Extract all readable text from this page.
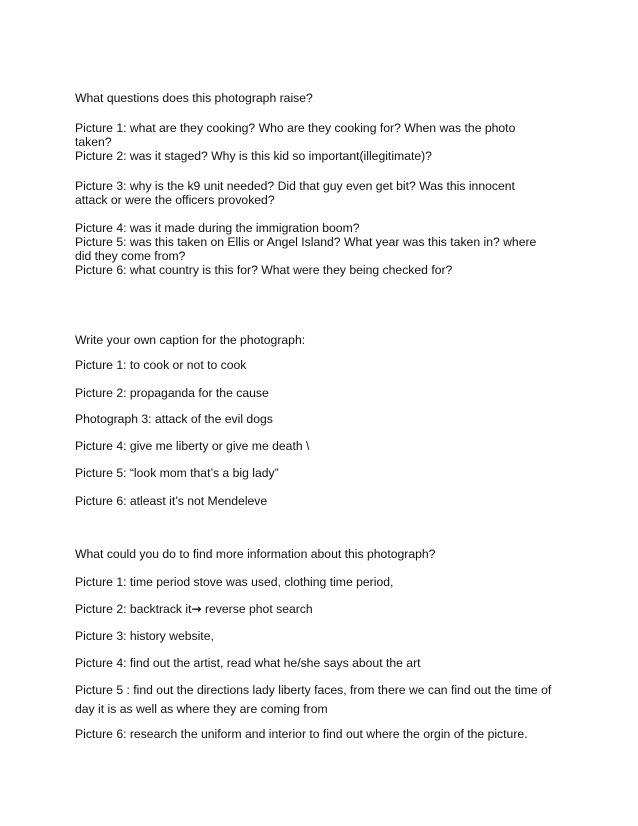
What questions does this photograph raise?
Picture 1: what are they cooking? Who are they cooking for? When was the photo taken?
Picture 2: was it staged? Why is this kid so important(illegitimate)?
Picture 3: why is the k9 unit needed? Did that guy even get bit? Was this innocent attack or were the officers provoked?
Picture 4: was it made during the immigration boom?
Picture 5: was this taken on Ellis or Angel Island? What year was this taken in? where did they come from?
Picture 6: what country is this for? What were they being checked for?
Write your own caption for the photograph:
Picture 1: to cook or not to cook
Picture 2: propaganda for the cause
Photograph 3: attack of the evil dogs
Picture 4: give me liberty or give me death \
Picture 5: “look mom that’s a big lady”
Picture 6: atleast it’s not Mendeleve
What could you do to find more information about this photograph?
Picture 1: time period stove was used, clothing time period,
Picture 2: backtrack it→ reverse phot search
Picture 3: history website,
Picture 4: find out the artist, read what he/she says about the art
Picture 5 : find out the directions lady liberty faces, from there we can find out the time of day it is as well as where they are coming from
Picture 6: research the uniform and interior to find out where the orgin of the picture.
